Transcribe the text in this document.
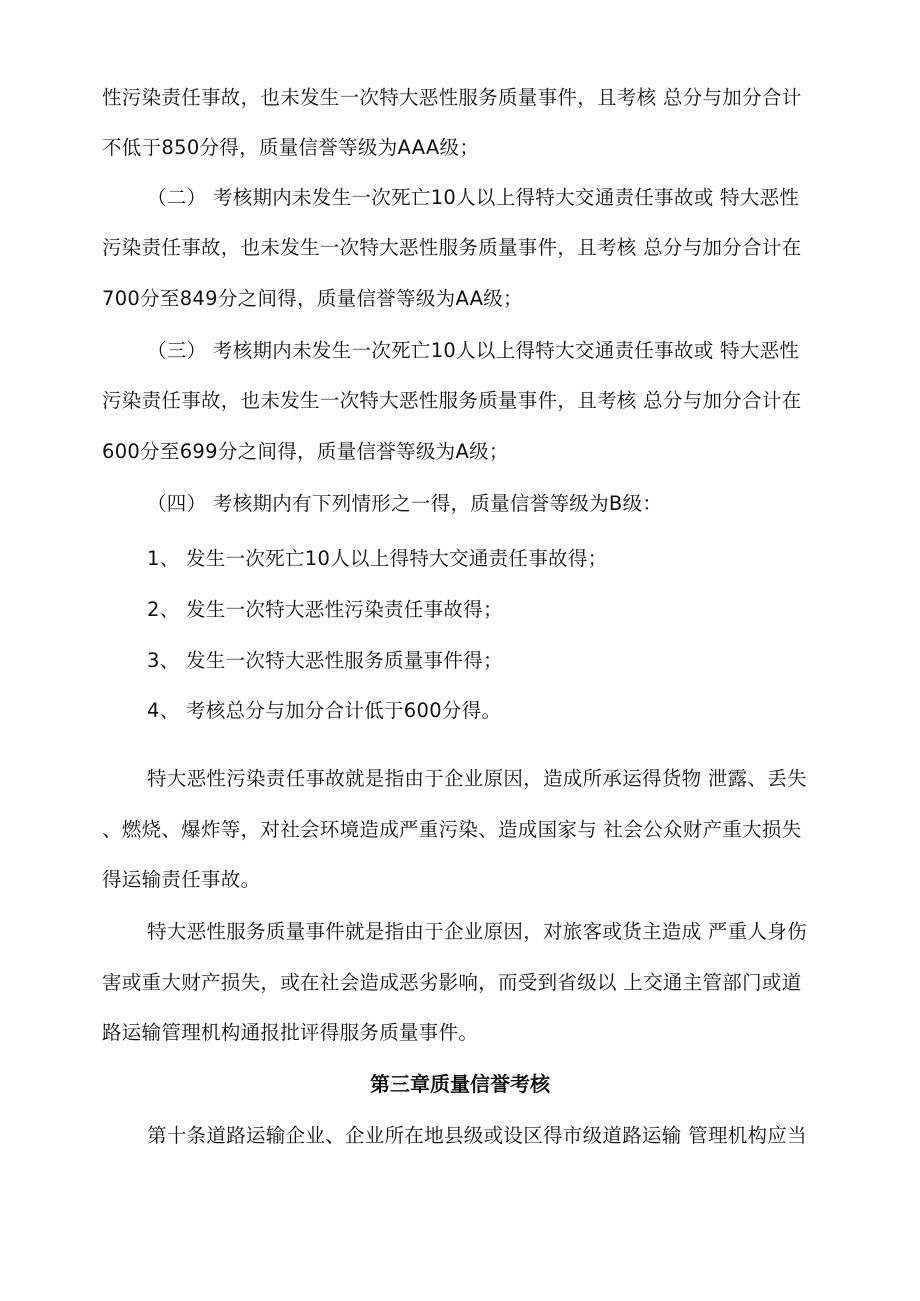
性污染责任事故，也未发生一次特大恶性服务质量事件，且考核 总分与加分合计
不低于850分得，质量信誉等级为AAA级；
（二） 考核期内未发生一次死亡10人以上得特大交通责任事故或 特大恶性
污染责任事故，也未发生一次特大恶性服务质量事件，且考核 总分与加分合计在
700分至849分之间得，质量信誉等级为AA级；
（三） 考核期内未发生一次死亡10人以上得特大交通责任事故或 特大恶性
污染责任事故，也未发生一次特大恶性服务质量事件，且考核 总分与加分合计在
600分至699分之间得，质量信誉等级为A级；
（四） 考核期内有下列情形之一得，质量信誉等级为B级：
1、 发生一次死亡10人以上得特大交通责任事故得；
2、 发生一次特大恶性污染责任事故得；
3、 发生一次特大恶性服务质量事件得；
4、 考核总分与加分合计低于600分得。
特大恶性污染责任事故就是指由于企业原因，造成所承运得货物 泄露、丢失
、燃烧、爆炸等，对社会环境造成严重污染、造成国家与 社会公众财产重大损失
得运输责任事故。
特大恶性服务质量事件就是指由于企业原因，对旅客或货主造成 严重人身伤
害或重大财产损失，或在社会造成恶劣影响，而受到省级以 上交通主管部门或道
路运输管理机构通报批评得服务质量事件。
第三章质量信誉考核
第十条道路运输企业、企业所在地县级或设区得市级道路运输 管理机构应当
